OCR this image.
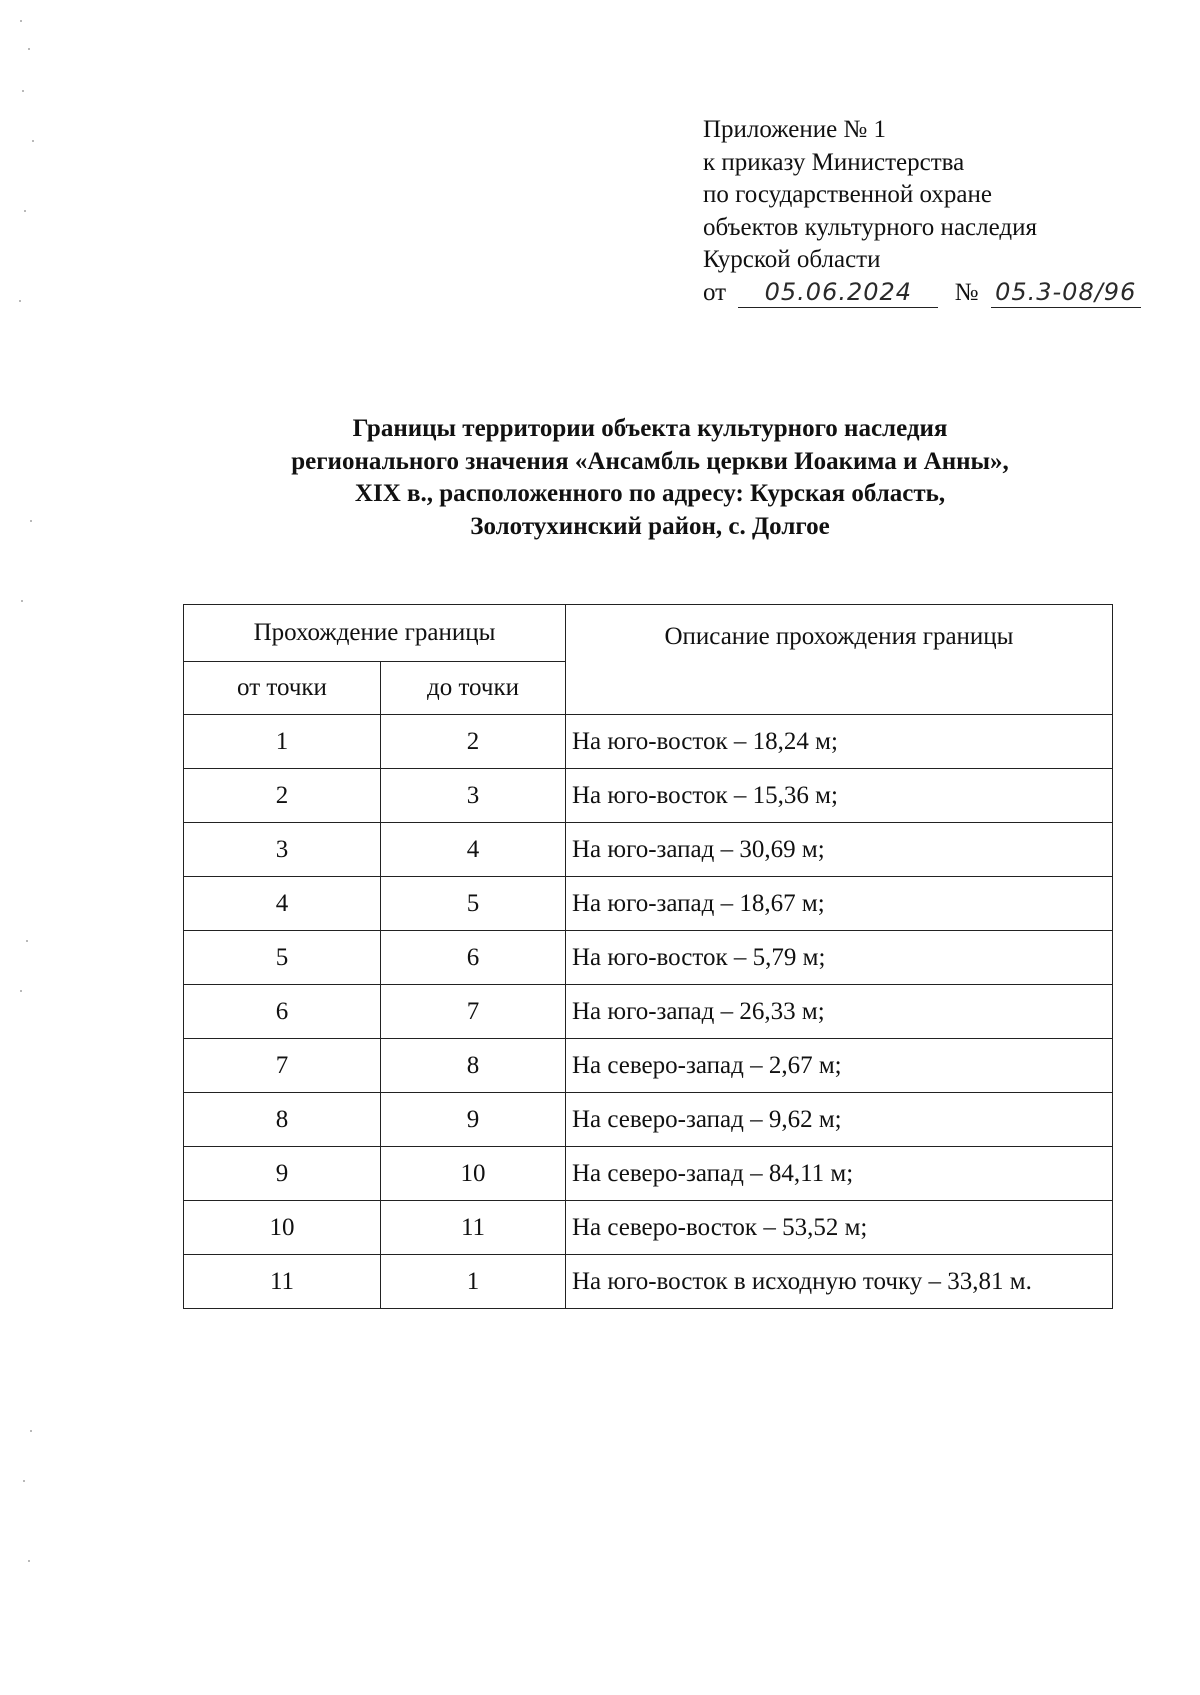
Приложение № 1
к приказу Министерства
по государственной охране
объектов культурного наследия
Курской области
от 05.06.2024 № 05.3-08/96
Границы территории объекта культурного наследия
регионального значения «Ансамбль церкви Иоакима и Анны»,
XIX в., расположенного по адресу: Курская область,
Золотухинский район, с. Долгое
Прохождение границы		Описание прохождения границы
от точки	до точки	
1	2	На юго-восток – 18,24 м;
2	3	На юго-восток – 15,36 м;
3	4	На юго-запад – 30,69 м;
4	5	На юго-запад – 18,67 м;
5	6	На юго-восток – 5,79 м;
6	7	На юго-запад – 26,33 м;
7	8	На северо-запад – 2,67 м;
8	9	На северо-запад – 9,62 м;
9	10	На северо-запад – 84,11 м;
10	11	На северо-восток – 53,52 м;
11	1	На юго-восток в исходную точку – 33,81 м.
